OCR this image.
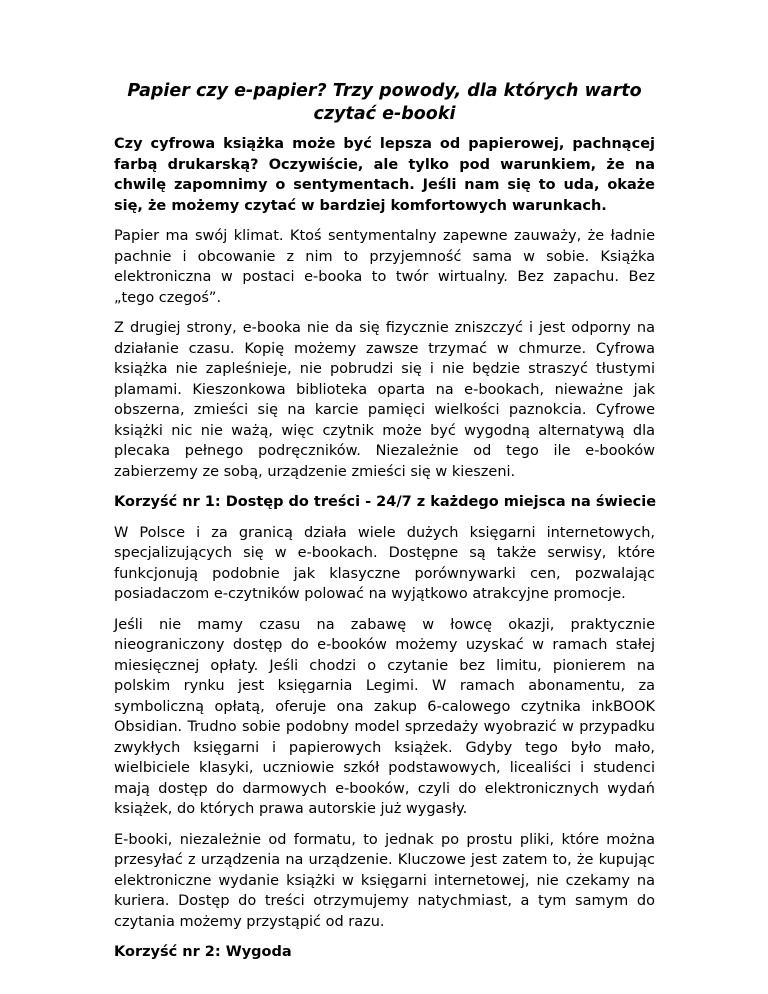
Papier czy e-papier? Trzy powody, dla których warto czytać e-booki

Czy cyfrowa książka może być lepsza od papierowej, pachnącej farbą drukarską? Oczywiście, ale tylko pod warunkiem, że na chwilę zapomnimy o sentymentach. Jeśli nam się to uda, okaże się, że możemy czytać w bardziej komfortowych warunkach.

Papier ma swój klimat. Ktoś sentymentalny zapewne zauważy, że ładnie pachnie i obcowanie z nim to przyjemność sama w sobie. Książka elektroniczna w postaci e-booka to twór wirtualny. Bez zapachu. Bez „tego czegoś”.

Z drugiej strony, e-booka nie da się fizycznie zniszczyć i jest odporny na działanie czasu. Kopię możemy zawsze trzymać w chmurze. Cyfrowa książka nie zapleśnieje, nie pobrudzi się i nie będzie straszyć tłustymi plamami. Kieszonkowa biblioteka oparta na e-bookach, nieważne jak obszerna, zmieści się na karcie pamięci wielkości paznokcia. Cyfrowe książki nic nie ważą, więc czytnik może być wygodną alternatywą dla plecaka pełnego podręczników. Niezależnie od tego ile e-booków zabierzemy ze sobą, urządzenie zmieści się w kieszeni.

Korzyść nr 1: Dostęp do treści - 24/7 z każdego miejsca na świecie

W Polsce i za granicą działa wiele dużych księgarni internetowych, specjalizujących się w e-bookach. Dostępne są także serwisy, które funkcjonują podobnie jak klasyczne porównywarki cen, pozwalając posiadaczom e-czytników polować na wyjątkowo atrakcyjne promocje.

Jeśli nie mamy czasu na zabawę w łowcę okazji, praktycznie nieograniczony dostęp do e-booków możemy uzyskać w ramach stałej miesięcznej opłaty. Jeśli chodzi o czytanie bez limitu, pionierem na polskim rynku jest księgarnia Legimi. W ramach abonamentu, za symboliczną opłatą, oferuje ona zakup 6-calowego czytnika inkBOOK Obsidian. Trudno sobie podobny model sprzedaży wyobrazić w przypadku zwykłych księgarni i papierowych książek. Gdyby tego było mało, wielbiciele klasyki, uczniowie szkół podstawowych, licealiści i studenci mają dostęp do darmowych e-booków, czyli do elektronicznych wydań książek, do których prawa autorskie już wygasły.

E-booki, niezależnie od formatu, to jednak po prostu pliki, które można przesyłać z urządzenia na urządzenie. Kluczowe jest zatem to, że kupując elektroniczne wydanie książki w księgarni internetowej, nie czekamy na kuriera. Dostęp do treści otrzymujemy natychmiast, a tym samym do czytania możemy przystąpić od razu.

Korzyść nr 2: Wygoda
